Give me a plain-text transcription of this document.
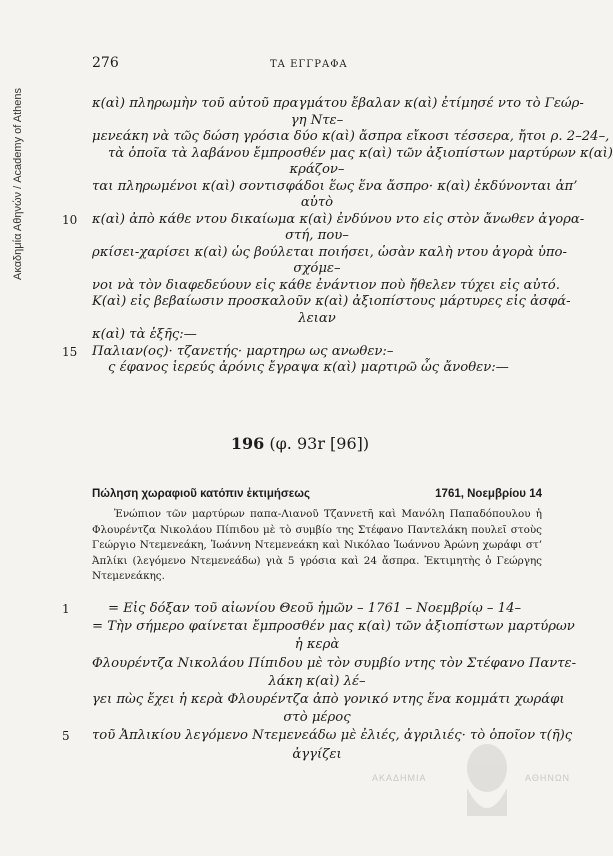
Ακαδημία Αθηνών / Academy of Athens
276	ΤΑ ΕΓΓΡΑΦΑ
κ(αὶ) πληρωμὴν τοῦ αὐτοῦ πραγμάτου ἔβαλαν κ(αὶ) ἐτίμησέ ντο τὸ Γεώρ-
γη Ντε–
μενεάκη νὰ τῶς δώση γρόσια δύο κ(αὶ) ἄσπρα εἴκοσι τέσσερα, ἤτοι ρ. 2–24–,
τὰ ὁποῖα τὰ λαβάνου ἔμπροσθέν μας κ(αὶ) τῶν ἀξιοπίστων μαρτύρων κ(αὶ)
κράζον–
ται πληρωμένοι κ(αὶ) σοντισφάδοι ἕως ἕνα ἄσπρο· κ(αὶ) ἐκδύνονται ἀπ’
αὐτὸ
κ(αὶ) ἀπὸ κάθε ντου δικαίωμα κ(αὶ) ἐνδύνου ντο εἰς στὸν ἄνωθεν ἀγορα-
10
στή, που–
ρκίσει-χαρίσει κ(αὶ) ὡς βούλεται ποιήσει, ὡσὰν καλὴ ντου ἀγορὰ ὑπο-
σχόμε–
νοι νὰ τὸν διαφεδεύουν εἰς κάθε ἐνάντιον ποὺ ἤθελεν τύχει εἰς αὐτό.
Κ(αὶ) εἰς βεβαίωσιν προσκαλοῦν κ(αὶ) ἀξιοπίστους μάρτυρες εἰς ἀσφά-
λειαν
κ(αὶ) τὰ ἑξῆς:—
Παλιαν(ος)· τζανετής· μαρτηρω ως ανωθεν:–
15
ς έφανος ἱερεύς ἀρόνις ἔγραψα κ(αὶ) μαρτιρῶ ὦς ἄνοθεν:—
196 (φ. 93r [96])
Πώληση χωραφιοῦ κατόπιν ἐκτιμήσεως	1761, Νοεμβρίου 14

Ἐνώπιον τῶν μαρτύρων παπα-Λιανοῦ Τζαννετῆ καὶ Μανόλη Παπαδόπουλου ἡ Φλουρέντζα Νικολάου Πίπιδου μὲ τὸ συμβίο της Στέφανο Παντελάκη πουλεῖ στοὺς Γεώργιο Ντεμενεάκη, Ἰωάννη Ντεμενεάκη καὶ Νικόλαο Ἰωάννου Ἀρώνη χωράφι στ’ Ἀπλίκι (λεγόμενο Ντεμενεάδω) γιὰ 5 γρόσια καὶ 24 ἄσπρα. Ἐκτιμητὴς ὁ Γεώργης Ντεμενεάκης.

= Εἰς δόξαν τοῦ αἰωνίου Θεοῦ ἡμῶν – 1761 – Νοεμβρίῳ – 14–
1
= Τὴν σήμερο φαίνεται ἔμπροσθέν μας κ(αὶ) τῶν ἀξιοπίστων μαρτύρων
ἡ κερὰ
Φλουρέντζα Νικολάου Πίπιδου μὲ τὸν συμβίο ντης τὸν Στέφανο Παντε-
λάκη κ(αὶ) λέ–
γει πὼς ἔχει ἡ κερὰ Φλουρέντζα ἀπὸ γονικό ντης ἕνα κομμάτι χωράφι
στὸ μέρος
τοῦ Ἀπλικίου λεγόμενο Ντεμενεάδω μὲ ἐλιές, ἀγριλιές· τὸ ὁποῖον τ(ῆ)ς
5
ἀγγίζει
ΑΚΑΔΗΜΙΑ	ΑΘΗΝΩΝ
